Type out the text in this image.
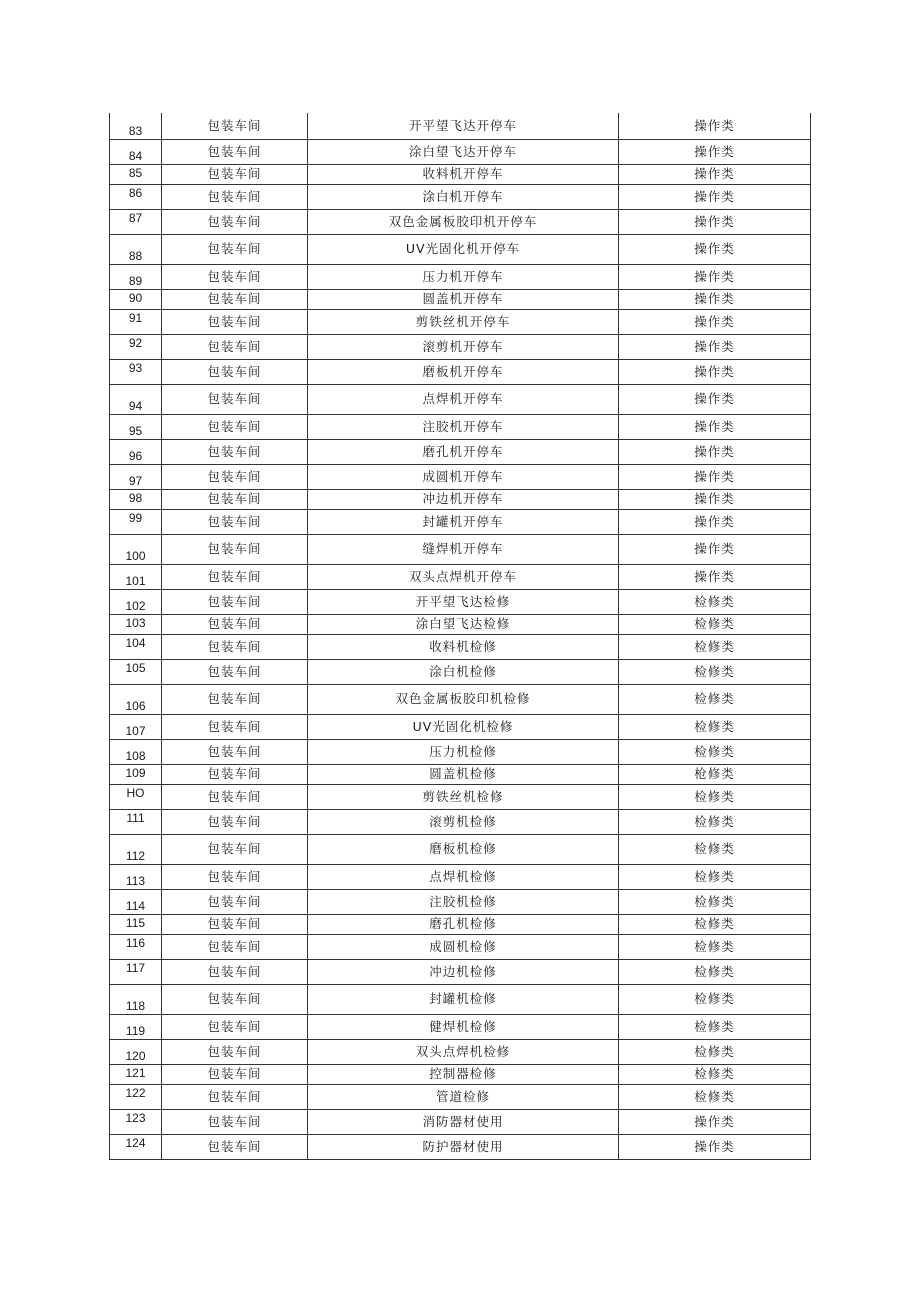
83	包装车间	开平望飞达开停车	操作类
84	包装车间	涂白望飞达开停车	操作类
85	包装车间	收料机开停车	操作类
86	包装车间	涂白机开停车	操作类
87	包装车间	双色金属板胶印机开停车	操作类
88	包装车间	UV光固化机开停车	操作类
89	包装车间	压力机开停车	操作类
90	包装车间	圆盖机开停车	操作类
91	包装车间	剪铁丝机开停车	操作类
92	包装车间	滚剪机开停车	操作类
93	包装车间	磨板机开停车	操作类
94	包装车间	点焊机开停车	操作类
95	包装车间	注胶机开停车	操作类
96	包装车间	磨孔机开停车	操作类
97	包装车间	成圆机开停车	操作类
98	包装车间	冲边机开停车	操作类
99	包装车间	封罐机开停车	操作类
100	包装车间	缝焊机开停车	操作类
101	包装车间	双头点焊机开停车	操作类
102	包装车间	开平望飞达检修	检修类
103	包装车间	涂白望飞达检修	检修类
104	包装车间	收料机检修	检修类
105	包装车间	涂白机检修	检修类
106	包装车间	双色金属板胶印机检修	检修类
107	包装车间	UV光固化机检修	检修类
108	包装车间	压力机检修	检修类
109	包装车间	圆盖机检修	枪修类
HO	包装车间	剪铁丝机检修	检修类
111	包装车间	滚剪机检修	检修类
112	包装车间	磨板机检修	检修类
113	包装车间	点焊机检修	检修类
114	包装车间	注胶机检修	检修类
115	包装车间	磨孔机检修	检修类
116	包装车间	成圆机检修	检修类
117	包装车间	冲边机检修	检修类
118	包装车间	封罐机检修	检修类
119	包装车间	健焊机检修	检修类
120	包装车间	双头点焊机检修	检修类
121	包装车间	控制器检修	检修类
122	包装车间	管道检修	检修类
123	包装车间	消防器材使用	操作类
124	包装车间	防护器材使用	操作类
